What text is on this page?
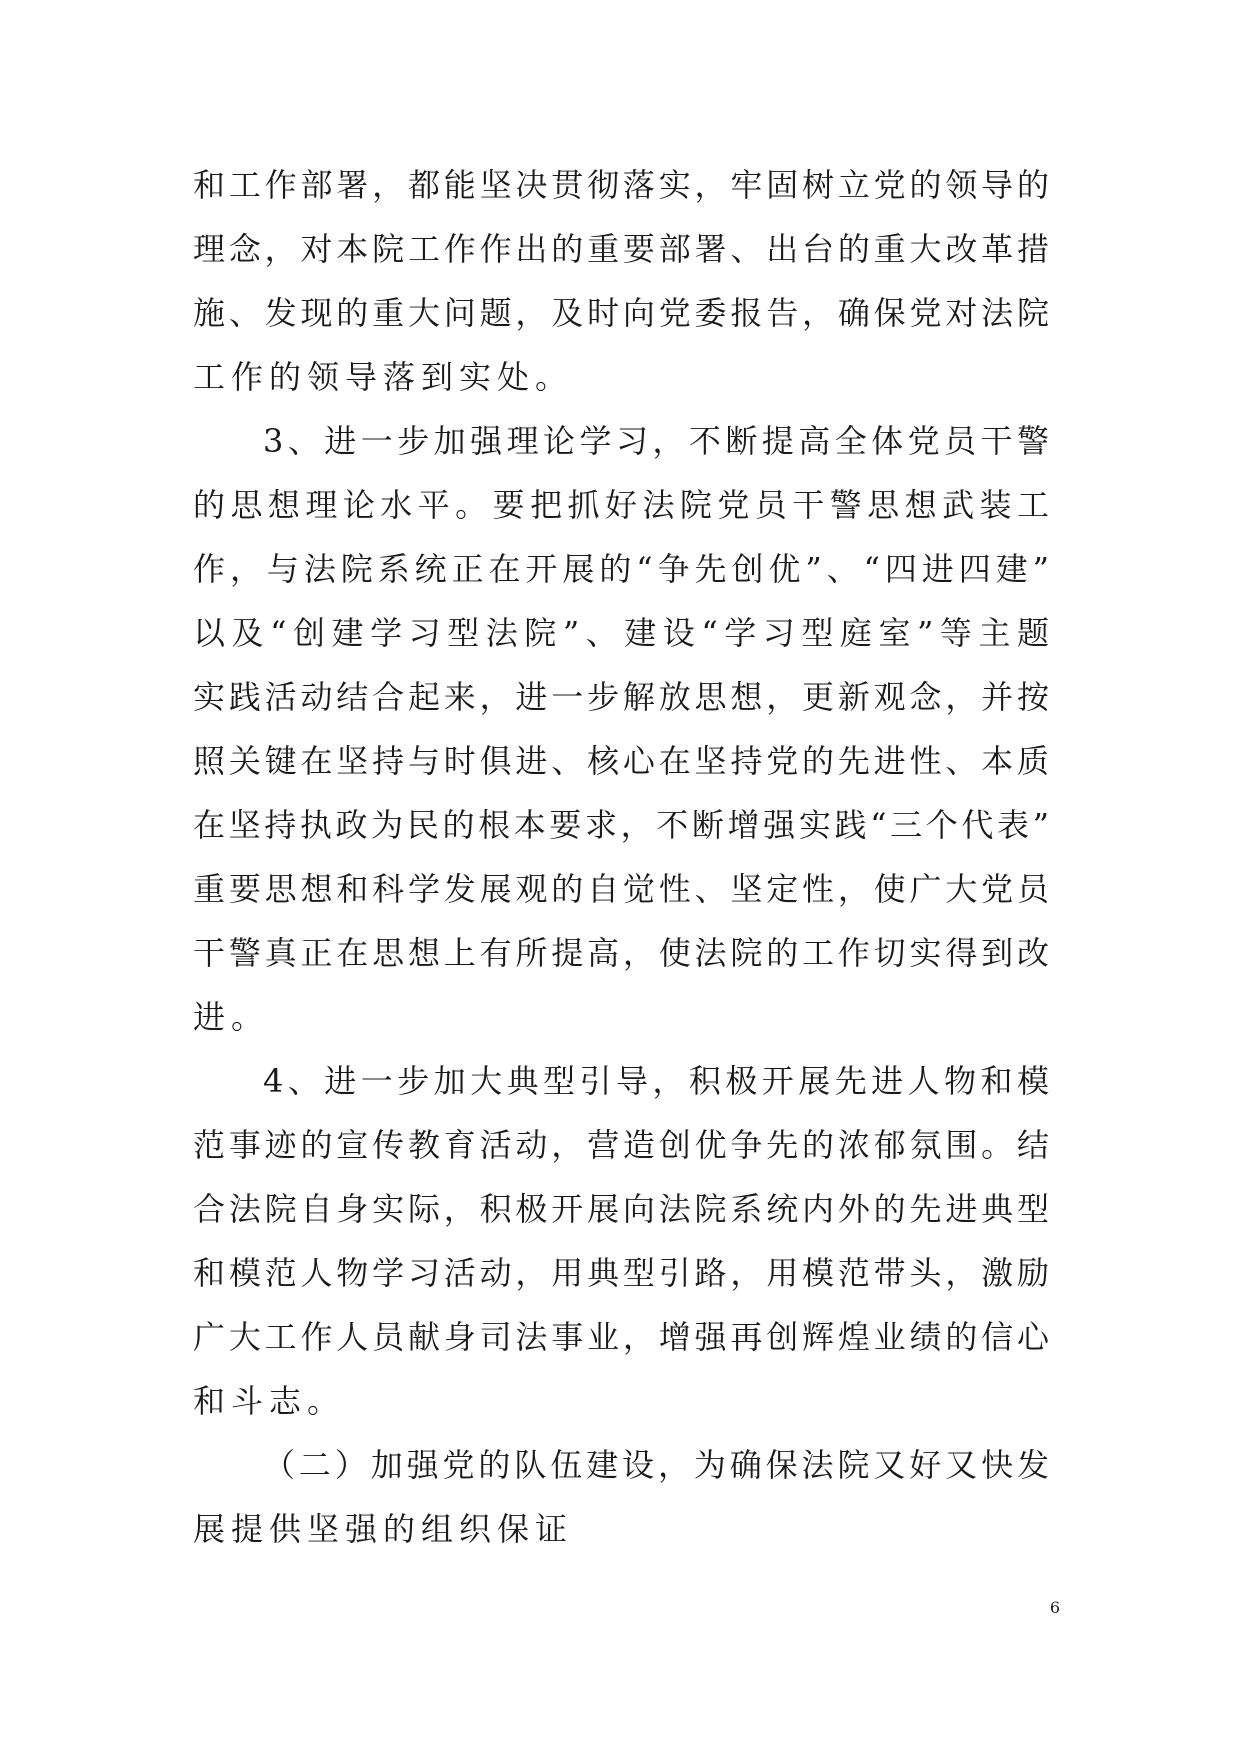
和工作部署，都能坚决贯彻落实，牢固树立党的领导的
理念，对本院工作作出的重要部署、出台的重大改革措
施、发现的重大问题，及时向党委报告，确保党对法院
工作的领导落到实处。
3、进一步加强理论学习，不断提高全体党员干警
的思想理论水平。要把抓好法院党员干警思想武装工
作，与法院系统正在开展的“争先创优”、“四进四建”
以及“创建学习型法院”、建设“学习型庭室”等主题
实践活动结合起来，进一步解放思想，更新观念，并按
照关键在坚持与时俱进、核心在坚持党的先进性、本质
在坚持执政为民的根本要求，不断增强实践“三个代表”
重要思想和科学发展观的自觉性、坚定性，使广大党员
干警真正在思想上有所提高，使法院的工作切实得到改
进。
4、进一步加大典型引导，积极开展先进人物和模
范事迹的宣传教育活动，营造创优争先的浓郁氛围。结
合法院自身实际，积极开展向法院系统内外的先进典型
和模范人物学习活动，用典型引路，用模范带头，激励
广大工作人员献身司法事业，增强再创辉煌业绩的信心
和斗志。
（二）加强党的队伍建设，为确保法院又好又快发
展提供坚强的组织保证
6
